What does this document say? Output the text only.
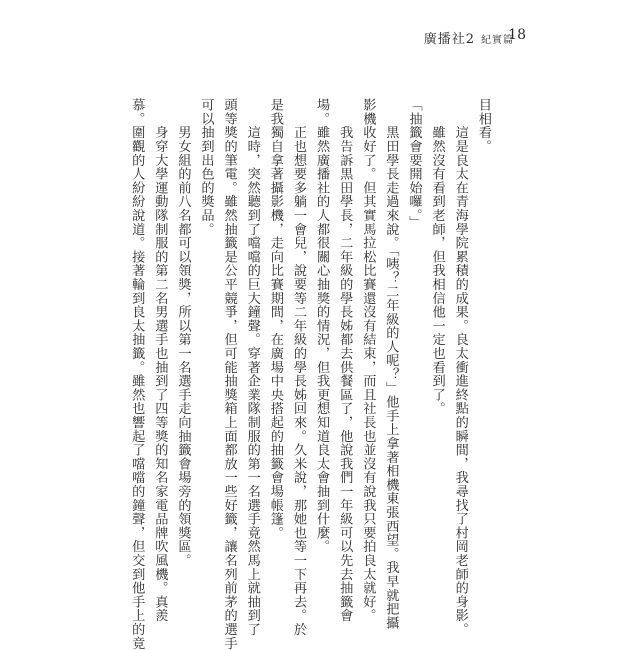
廣播社2 紀實篇
18
目相看。
　　這是良太在青海學院累積的成果。良太衝進終點的瞬間，我尋找了村岡老師的身影。
　　雖然沒有看到老師，但我相信他一定也看到了。
「抽籤會要開始囉。」
　　黒田學長走過來說。「咦？二年級的人呢？」他手上拿著相機東張西望。我早就把攝
影機收好了。但其實馬拉松比賽還沒有結束，而且社長也並沒有說我只要拍良太就好。
　　我告訴黒田學長，二年級的學長姊都去供餐區了，他說我們一年級可以先去抽籤會
場。雖然廣播社的人都很關心抽獎的情況，但我更想知道良太會抽到什麼。
　　正也想要多躺一會兒，說要等二年級的學長姊回來。久米說，那她也等一下再去。於
是我獨自拿著攝影機，走向比賽期間，在廣場中央搭起的抽籤會場帳篷。
　　這時，突然聽到了噹噹的巨大鐘聲。穿著企業隊制服的第一名選手竟然馬上就抽到了
頭等獎的筆電。雖然抽籤是公平競爭，但可能抽獎箱上面都放一些好籤，讓名列前茅的選手
可以抽到出色的獎品。
　　男女組的前八名都可以領獎，所以第一名選手走向抽籤會場旁的領獎區。
　　身穿大學運動隊制服的第二名男選手也抽到了四等獎的知名家電品牌吹風機。真羨
慕。圍觀的人紛紛說道。接著輪到良太抽籤。雖然也響起了噹噹的鐘聲，但交到他手上的竟
